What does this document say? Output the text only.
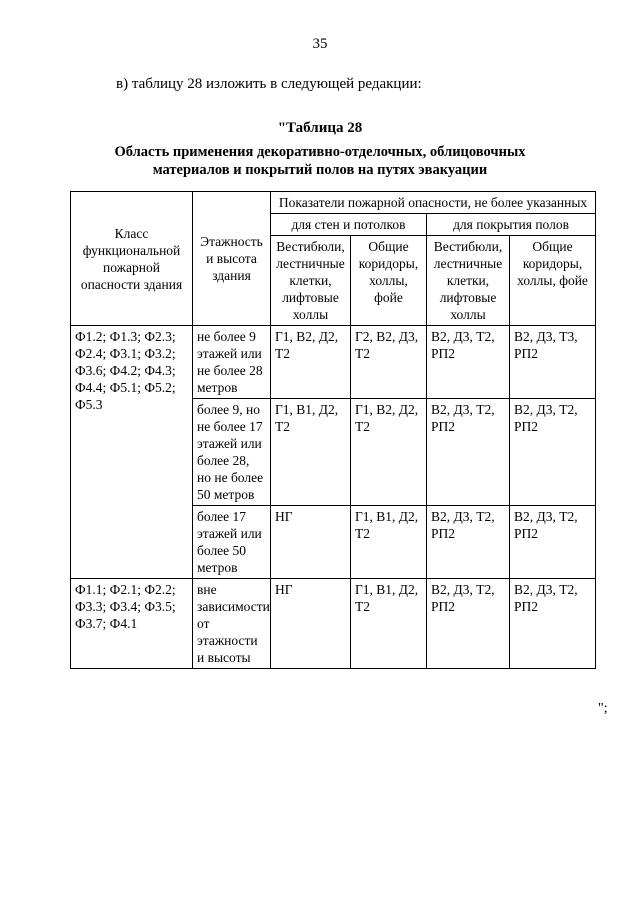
35
в) таблицу 28 изложить в следующей редакции:
"Таблица 28
Область применения декоративно-отделочных, облицовочных
материалов и покрытий полов на путях эвакуации
Класс функциональной пожарной опасности здания	Этажность и высота здания	Показатели пожарной опасности, не более указанных			
		для стен и потолков		для покрытия полов	
		Вестибюли, лестничные клетки, лифтовые холлы	Общие коридоры, холлы, фойе	Вестибюли, лестничные клетки, лифтовые холлы	Общие коридоры, холлы, фойе
Ф1.2; Ф1.3; Ф2.3; Ф2.4; Ф3.1; Ф3.2; Ф3.6; Ф4.2; Ф4.3; Ф4.4; Ф5.1; Ф5.2; Ф5.3	не более 9 этажей или не более 28 метров	Г1, В2, Д2, Т2	Г2, В2, Д3, Т2	В2, Д3, Т2, РП2	В2, Д3, Т3, РП2
	более 9, но не более 17 этажей или более 28, но не более 50 метров	Г1, В1, Д2, Т2	Г1, В2, Д2, Т2	В2, Д3, Т2, РП2	В2, Д3, Т2, РП2
	более 17 этажей или более 50 метров	НГ	Г1, В1, Д2, Т2	В2, Д3, Т2, РП2	В2, Д3, Т2, РП2
Ф1.1; Ф2.1; Ф2.2; Ф3.3; Ф3.4; Ф3.5; Ф3.7; Ф4.1	вне зависимости от этажности и высоты	НГ	Г1, В1, Д2, Т2	В2, Д3, Т2, РП2	В2, Д3, Т2, РП2
";
